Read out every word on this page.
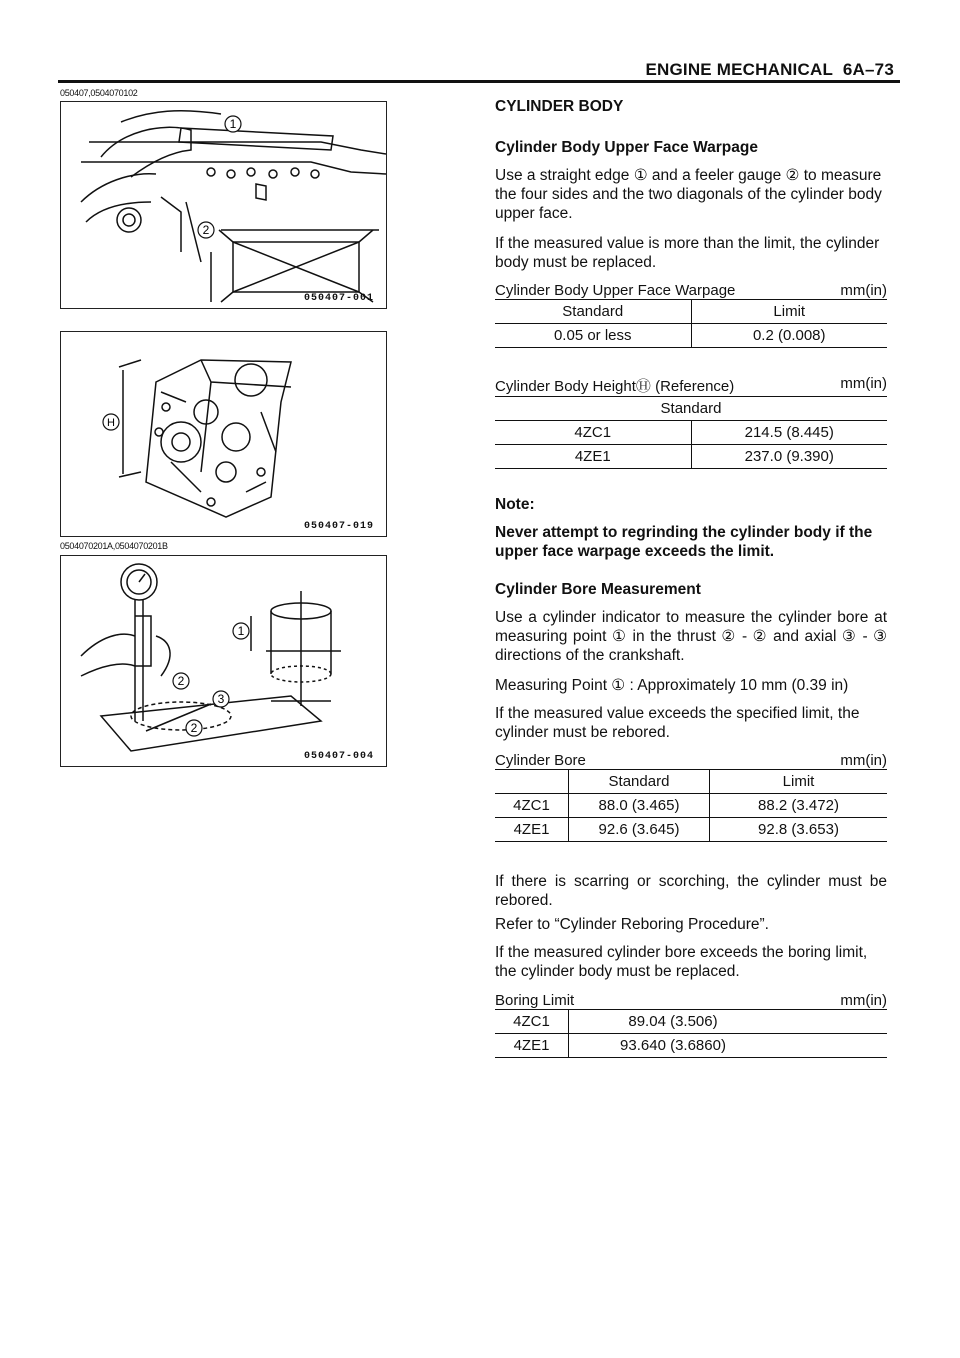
ENGINE MECHANICAL 6A–73
050407,0504070102
1
2
050407-001
H
050407-019
0504070201A,0504070201B
1
2
3
2
050407-004
CYLINDER BODY
Cylinder Body Upper Face Warpage
Use a straight edge ① and a feeler gauge ② to measure the four sides and the two diagonals of the cylinder body upper face.
If the measured value is more than the limit, the cylinder body must be replaced.
Cylinder Body Upper Face Warpage	mm(in)
Standard	Limit
0.05 or less	0.2 (0.008)
Cylinder Body HeightⒽ (Reference)	mm(in)
Standard	
4ZC1	214.5 (8.445)
4ZE1	237.0 (9.390)
Note:
Never attempt to regrinding the cylinder body if the upper face warpage exceeds the limit.
Cylinder Bore Measurement
Use a cylinder indicator to measure the cylinder bore at measuring point ① in the thrust ② - ② and axial ③ - ③ directions of the crankshaft.
Measuring Point ① : Approximately 10 mm (0.39 in)
If the measured value exceeds the specified limit, the cylinder must be rebored.
Cylinder Bore	mm(in)
	Standard	Limit
4ZC1	88.0 (3.465)	88.2 (3.472)
4ZE1	92.6 (3.645)	92.8 (3.653)
If there is scarring or scorching, the cylinder must be rebored.
Refer to “Cylinder Reboring Procedure”.
If the measured cylinder bore exceeds the boring limit, the cylinder body must be replaced.
Boring Limit	mm(in)
4ZC1	89.04 (3.506)
4ZE1	93.640 (3.6860)
